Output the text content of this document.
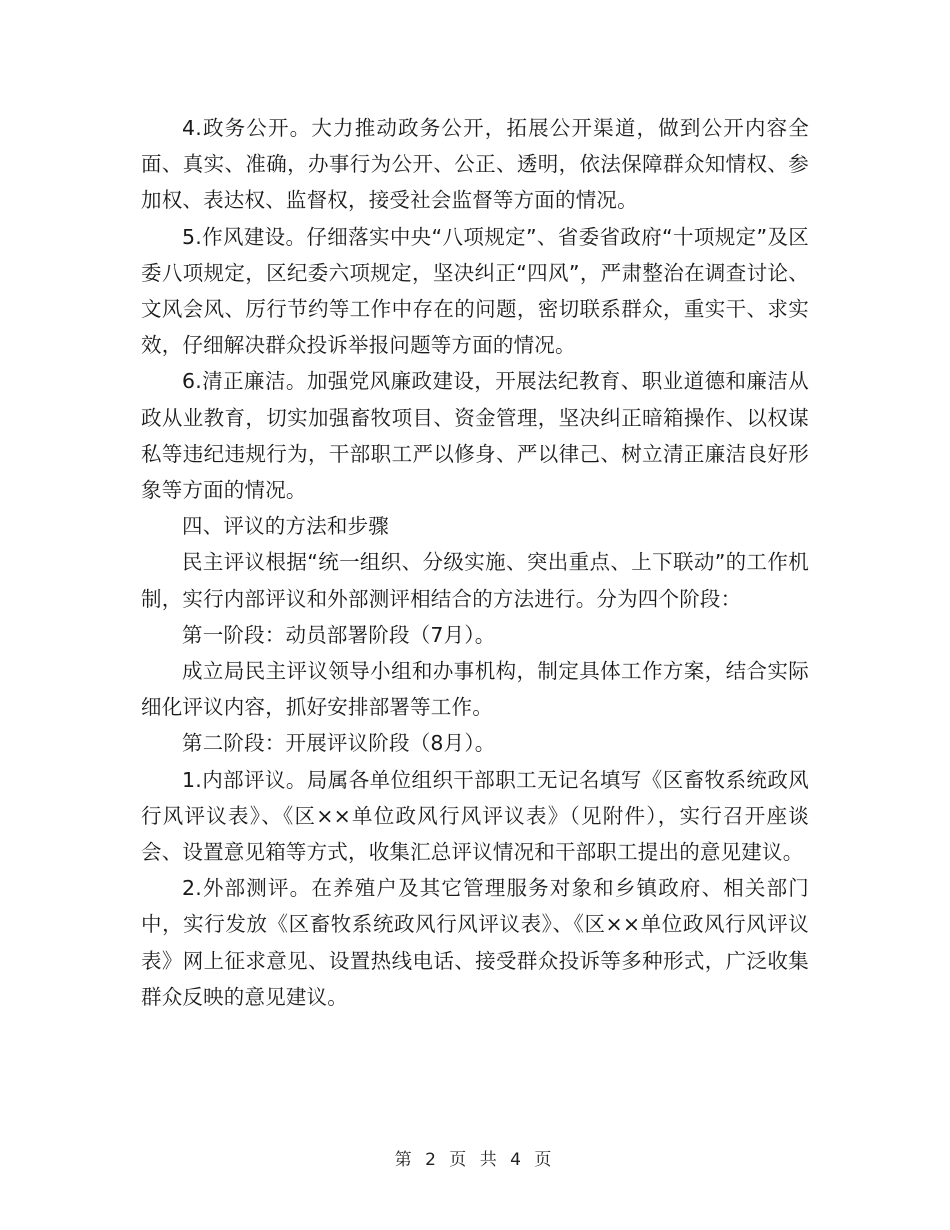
4.政务公开。大力推动政务公开，拓展公开渠道，做到公开内容全面、真实、准确，办事行为公开、公正、透明，依法保障群众知情权、参加权、表达权、监督权，接受社会监督等方面的情况。

5.作风建设。仔细落实中央“八项规定”、省委省政府“十项规定”及区委八项规定，区纪委六项规定，坚决纠正“四风”，严肃整治在调查讨论、文风会风、厉行节约等工作中存在的问题，密切联系群众，重实干、求实效，仔细解决群众投诉举报问题等方面的情况。

6.清正廉洁。加强党风廉政建设，开展法纪教育、职业道德和廉洁从政从业教育，切实加强畜牧项目、资金管理，坚决纠正暗箱操作、以权谋私等违纪违规行为，干部职工严以修身、严以律己、树立清正廉洁良好形象等方面的情况。

四、评议的方法和步骤

民主评议根据“统一组织、分级实施、突出重点、上下联动”的工作机制，实行内部评议和外部测评相结合的方法进行。分为四个阶段：

第一阶段：动员部署阶段（7月）。

成立局民主评议领导小组和办事机构，制定具体工作方案，结合实际细化评议内容，抓好安排部署等工作。

第二阶段：开展评议阶段（8月）。

1.内部评议。局属各单位组织干部职工无记名填写《区畜牧系统政风行风评议表》、《区××单位政风行风评议表》（见附件），实行召开座谈会、设置意见箱等方式，收集汇总评议情况和干部职工提出的意见建议。

2.外部测评。在养殖户及其它管理服务对象和乡镇政府、相关部门中，实行发放《区畜牧系统政风行风评议表》、《区××单位政风行风评议表》网上征求意见、设置热线电话、接受群众投诉等多种形式，广泛收集群众反映的意见建议。

第 2 页 共 4 页
